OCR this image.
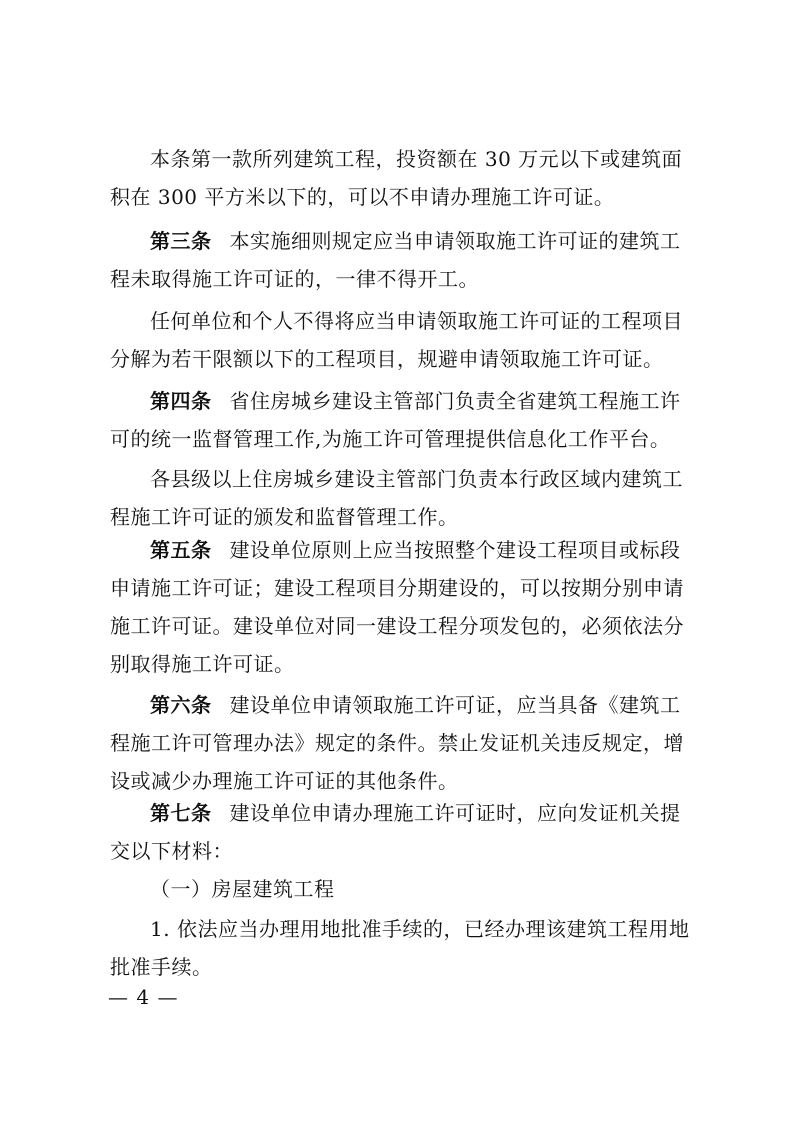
本条第一款所列建筑工程，投资额在 30 万元以下或建筑面积在 300 平方米以下的，可以不申请办理施工许可证。

第三条 本实施细则规定应当申请领取施工许可证的建筑工程未取得施工许可证的，一律不得开工。

任何单位和个人不得将应当申请领取施工许可证的工程项目分解为若干限额以下的工程项目，规避申请领取施工许可证。

第四条 省住房城乡建设主管部门负责全省建筑工程施工许可的统一监督管理工作,为施工许可管理提供信息化工作平台。

各县级以上住房城乡建设主管部门负责本行政区域内建筑工程施工许可证的颁发和监督管理工作。

第五条 建设单位原则上应当按照整个建设工程项目或标段申请施工许可证；建设工程项目分期建设的，可以按期分别申请施工许可证。建设单位对同一建设工程分项发包的，必须依法分别取得施工许可证。

第六条 建设单位申请领取施工许可证，应当具备《建筑工程施工许可管理办法》规定的条件。禁止发证机关违反规定，增设或减少办理施工许可证的其他条件。

第七条 建设单位申请办理施工许可证时，应向发证机关提交以下材料：

（一）房屋建筑工程

1. 依法应当办理用地批准手续的，已经办理该建筑工程用地批准手续。

— 4 —
